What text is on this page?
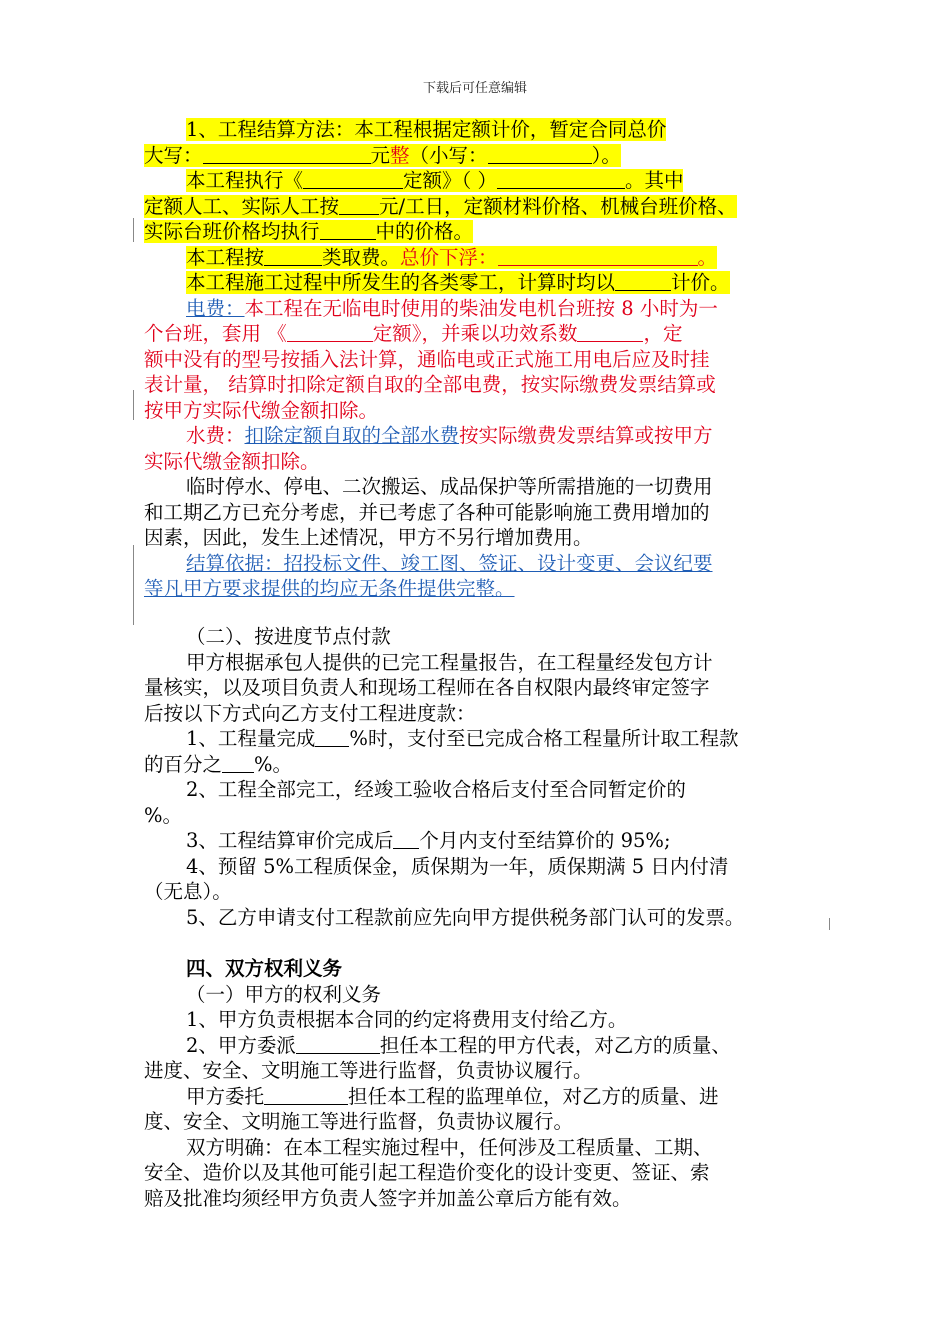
下载后可任意编辑
1、工程结算方法：本工程根据定额计价，暂定合同总价
大写：	元整（小写：	）。
本工程执行《	定额》（ ）	。其中
定额人工、实际人工按 元/工日，定额材料价格、机械台班价格、
实际台班价格均执行	中的价格。
本工程按	类取费。总价下浮：	。
本工程施工过程中所发生的各类零工，计算时均以	计价。
电费：本工程在无临电时使用的柴油发电机台班按 8 小时为一
个台班，套用 《	定额》，并乘以功效系数	，定
额中没有的型号按插入法计算，通临电或正式施工用电后应及时挂
表计量， 结算时扣除定额自取的全部电费，按实际缴费发票结算或
按甲方实际代缴金额扣除。
水费：扣除定额自取的全部水费按实际缴费发票结算或按甲方
实际代缴金额扣除。
临时停水、停电、二次搬运、成品保护等所需措施的一切费用
和工期乙方已充分考虑，并已考虑了各种可能影响施工费用增加的
因素，因此，发生上述情况，甲方不另行增加费用。
结算依据：招投标文件、竣工图、签证、设计变更、会议纪要
等凡甲方要求提供的均应无条件提供完整。
（二）、按进度节点付款
甲方根据承包人提供的已完工程量报告，在工程量经发包方计
量核实，以及项目负责人和现场工程师在各自权限内最终审定签字
后按以下方式向乙方支付工程进度款：
1、工程量完成 %时，支付至已完成合格工程量所计取工程款
的百分之 %。
2、工程全部完工，经竣工验收合格后支付至合同暂定价的
%。
3、工程结算审价完成后 个月内支付至结算价的 95%;
4、预留 5%工程质保金，质保期为一年，质保期满 5 日内付清
（无息）。
5、乙方申请支付工程款前应先向甲方提供税务部门认可的发票。
四、双方权利义务
（一）甲方的权利义务
1、甲方负责根据本合同的约定将费用支付给乙方。
2、甲方委派	担任本工程的甲方代表，对乙方的质量、
进度、安全、文明施工等进行监督，负责协议履行。
甲方委托	担任本工程的监理单位，对乙方的质量、进
度、安全、文明施工等进行监督，负责协议履行。
双方明确：在本工程实施过程中，任何涉及工程质量、工期、
安全、造价以及其他可能引起工程造价变化的设计变更、签证、索
赔及批准均须经甲方负责人签字并加盖公章后方能有效。
